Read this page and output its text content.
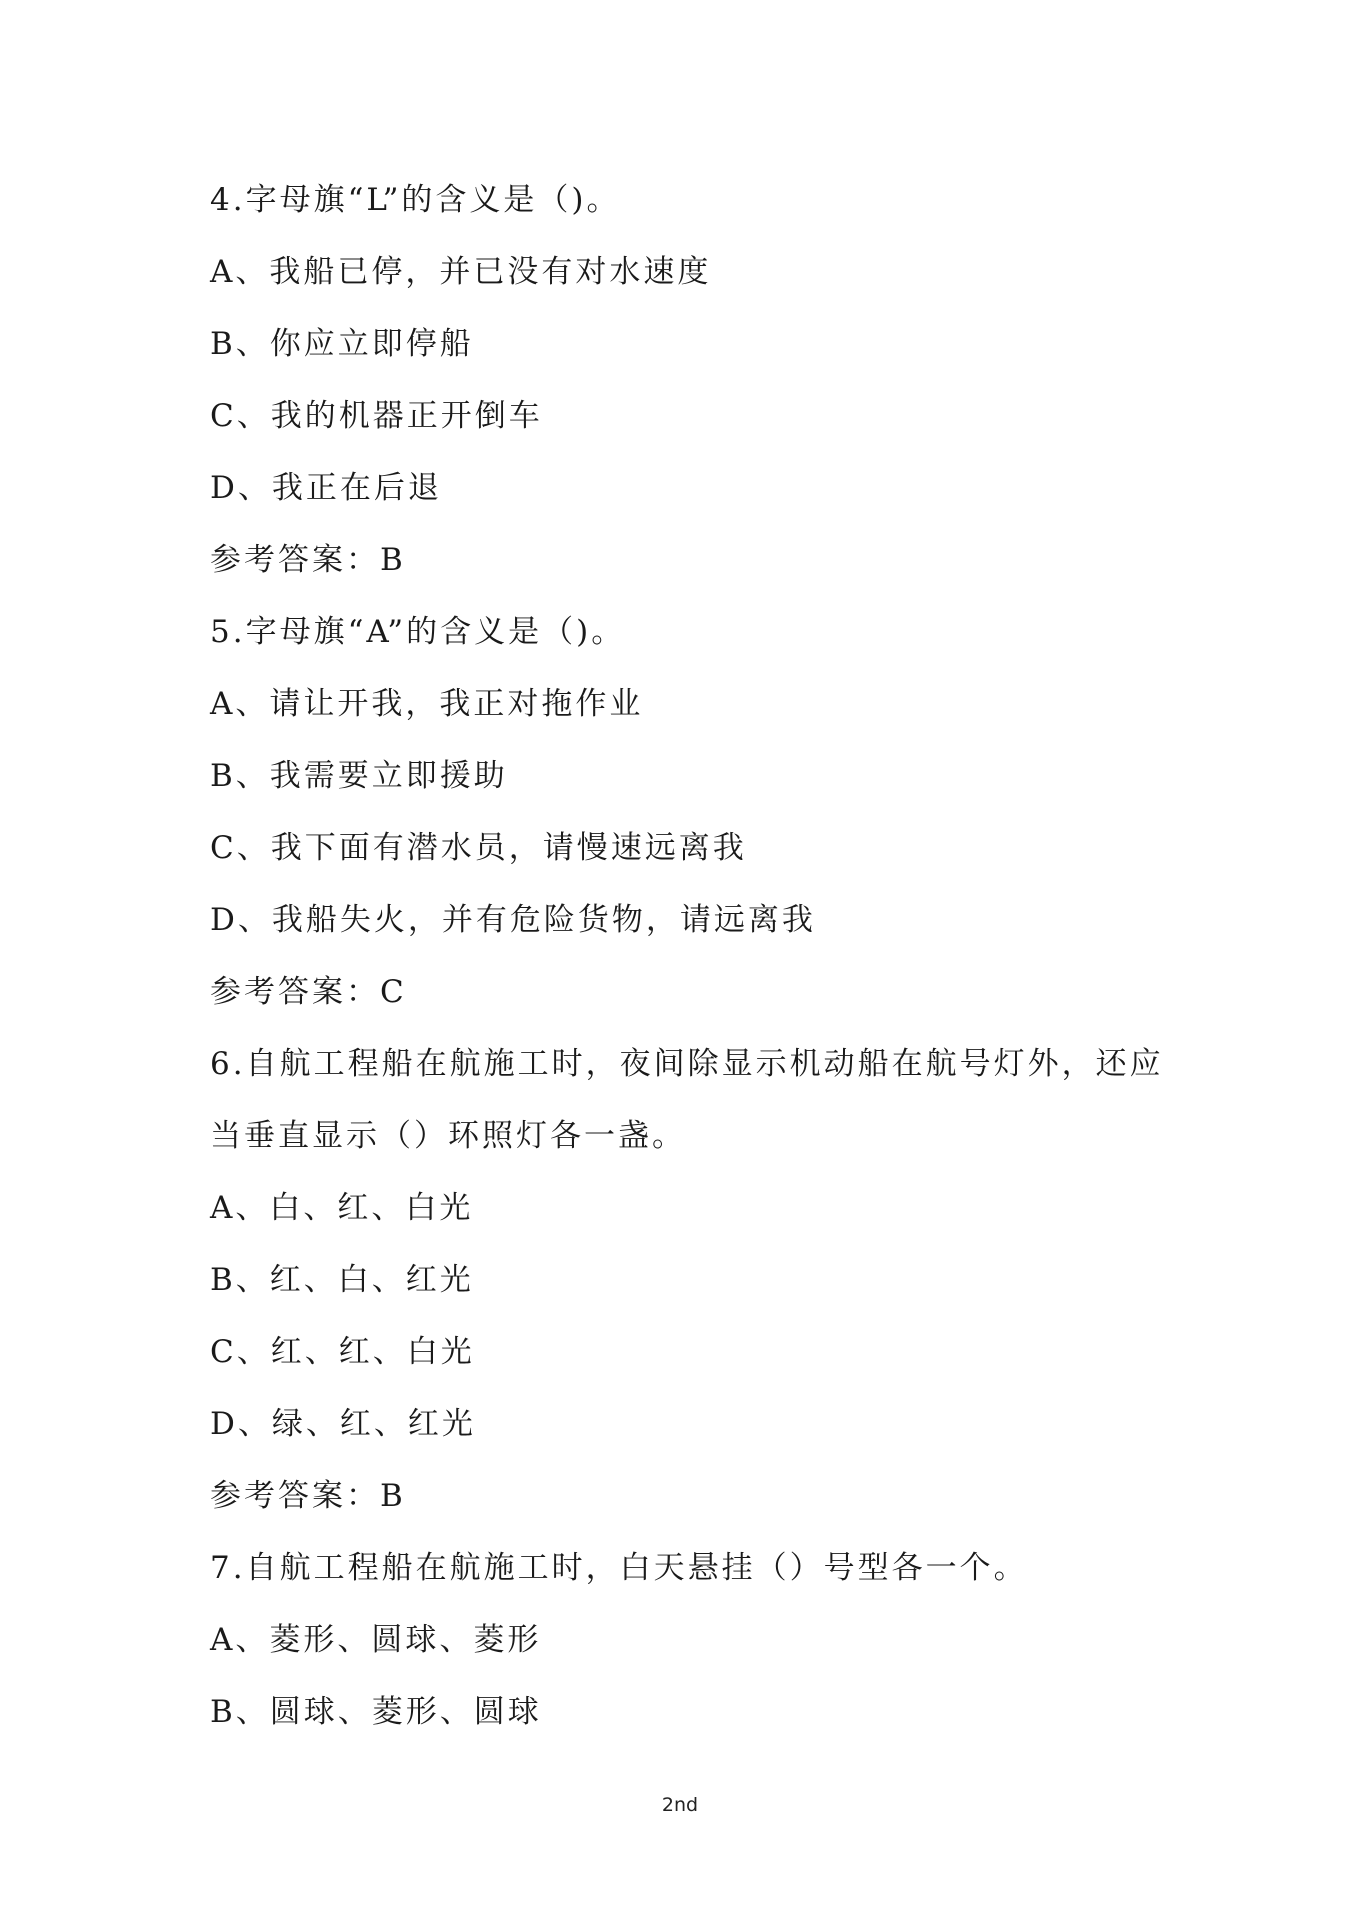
4.字母旗“L”的含义是（)。
A、我船已停，并已没有对水速度
B、你应立即停船
C、我的机器正开倒车
D、我正在后退
参考答案：B
5.字母旗“A”的含义是（)。
A、请让开我，我正对拖作业
B、我需要立即援助
C、我下面有潜水员，请慢速远离我
D、我船失火，并有危险货物，请远离我
参考答案：C
6.自航工程船在航施工时，夜间除显示机动船在航号灯外，还应
当垂直显示（）环照灯各一盏。
A、白、红、白光
B、红、白、红光
C、红、红、白光
D、绿、红、红光
参考答案：B
7.自航工程船在航施工时，白天悬挂（）号型各一个。
A、菱形、圆球、菱形
B、圆球、菱形、圆球
2nd
